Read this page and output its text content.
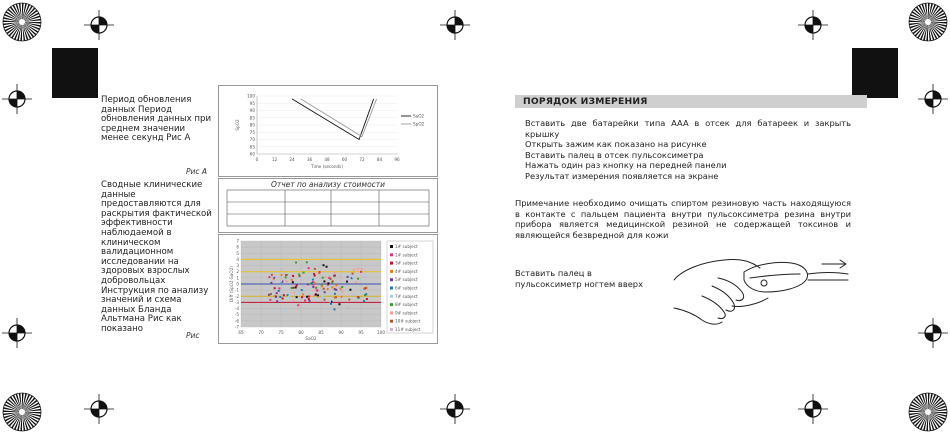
Период обновления данных Период обновления данных при среднем значении менее секунд Рис А
Рис А
Сводные клинические данные предоставляются для раскрытия фактической эффективности наблюдаемой в клиническом валидационном исследовании на здоровых взрослых добровольцах Инструкция по анализу значений и схема данных Бланда Альтмана Рис как показано
Рис
100
95
90
85
80
75
70
65
60
0	12	24	36	48	60	72	84	96
Time (seconds)
SpO2
SaO2
SpO2
Отчет по анализу стоимости
7
6
5
4
3
2
1
0
-1
-2
-3
-4
-5
-6
-7
65	70	75	80	85	90	95	100
SaO2
Diff (SpO2-SaO2)
1# subject
2# subject
3# subject
4# subject
5# subject
6# subject
7# subject
8# subject
9# subject
10# subject
11# subject
ПОРЯДОК ИЗМЕРЕНИЯ
Вставить две батарейки типа AAA в отсек для батареек и закрыть крышку
Открыть зажим как показано на рисунке
Вставить палец в отсек пульсоксиметра
Нажать один раз кнопку на передней панели
Результат измерения появляется на экране
Примечание необходимо очищать спиртом резиновую часть находящуюся в контакте с пальцем пациента внутри пульсоксиметра резина внутри прибора является медицинской резиной не содержащей токсинов и являющейся безвредной для кожи
Вставить палец в пульсоксиметр ногтем вверх
